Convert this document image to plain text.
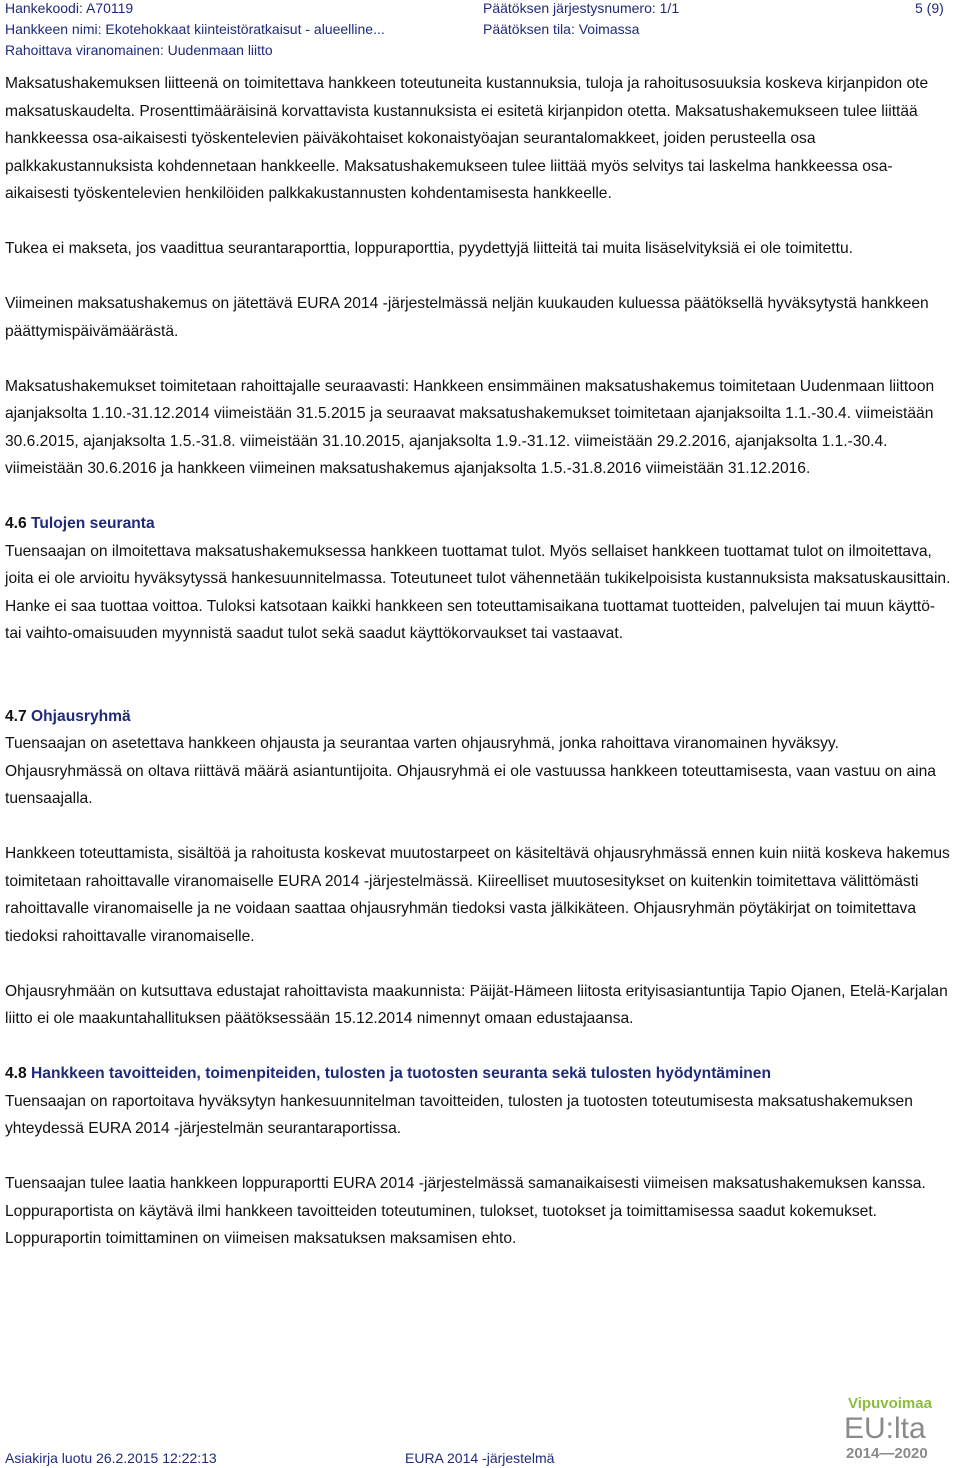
Hankekoodi: A70119
Hankkeen nimi: Ekotehokkaat kiinteistöratkaisut - alueelline...
Rahoittava viranomainen: Uudenmaan liitto
Päätöksen järjestysnumero: 1/1
Päätöksen tila: Voimassa
5 (9)

Maksatushakemuksen liitteenä on toimitettava hankkeen toteutuneita kustannuksia, tuloja ja rahoitusosuuksia koskeva kirjanpidon ote maksatuskaudelta. Prosenttimääräisinä korvattavista kustannuksista ei esitetä kirjanpidon otetta. Maksatushakemukseen tulee liittää hankkeessa osa-aikaisesti työskentelevien päiväkohtaiset kokonaistyöajan seurantalomakkeet, joiden perusteella osa palkkakustannuksista kohdennetaan hankkeelle. Maksatushakemukseen tulee liittää myös selvitys tai laskelma hankkeessa osa-aikaisesti työskentelevien henkilöiden palkkakustannusten kohdentamisesta hankkeelle.

Tukea ei makseta, jos vaadittua seurantaraporttia, loppuraporttia, pyydettyjä liitteitä tai muita lisäselvityksiä ei ole toimitettu.

Viimeinen maksatushakemus on jätettävä EURA 2014 -järjestelmässä neljän kuukauden kuluessa päätöksellä hyväksytystä hankkeen päättymispäivämäärästä.

Maksatushakemukset toimitetaan rahoittajalle seuraavasti: Hankkeen ensimmäinen maksatushakemus toimitetaan Uudenmaan liittoon ajanjaksolta 1.10.-31.12.2014 viimeistään 31.5.2015 ja seuraavat maksatushakemukset toimitetaan ajanjaksoilta 1.1.-30.4. viimeistään 30.6.2015, ajanjaksolta 1.5.-31.8. viimeistään 31.10.2015, ajanjaksolta 1.9.-31.12. viimeistään 29.2.2016, ajanjaksolta 1.1.-30.4. viimeistään 30.6.2016 ja hankkeen viimeinen maksatushakemus ajanjaksolta 1.5.-31.8.2016 viimeistään 31.12.2016.

4.6 Tulojen seuranta

Tuensaajan on ilmoitettava maksatushakemuksessa hankkeen tuottamat tulot. Myös sellaiset hankkeen tuottamat tulot on ilmoitettava, joita ei ole arvioitu hyväksytyssä hankesuunnitelmassa. Toteutuneet tulot vähennetään tukikelpoisista kustannuksista maksatuskausittain. Hanke ei saa tuottaa voittoa. Tuloksi katsotaan kaikki hankkeen sen toteuttamisaikana tuottamat tuotteiden, palvelujen tai muun käyttö- tai vaihto-omaisuuden myynnistä saadut tulot sekä saadut käyttökorvaukset tai vastaavat.

4.7 Ohjausryhmä

Tuensaajan on asetettava hankkeen ohjausta ja seurantaa varten ohjausryhmä, jonka rahoittava viranomainen hyväksyy. Ohjausryhmässä on oltava riittävä määrä asiantuntijoita. Ohjausryhmä ei ole vastuussa hankkeen toteuttamisesta, vaan vastuu on aina tuensaajalla.

Hankkeen toteuttamista, sisältöä ja rahoitusta koskevat muutostarpeet on käsiteltävä ohjausryhmässä ennen kuin niitä koskeva hakemus toimitetaan rahoittavalle viranomaiselle EURA 2014 -järjestelmässä. Kiireelliset muutosesitykset on kuitenkin toimitettava välittömästi rahoittavalle viranomaiselle ja ne voidaan saattaa ohjausryhmän tiedoksi vasta jälkikäteen. Ohjausryhmän pöytäkirjat on toimitettava tiedoksi rahoittavalle viranomaiselle.

Ohjausryhmään on kutsuttava edustajat rahoittavista maakunnista: Päijät-Hämeen liitosta erityisasiantuntija Tapio Ojanen, Etelä-Karjalan liitto ei ole maakuntahallituksen päätöksessään 15.12.2014 nimennyt omaan edustajaansa.

4.8 Hankkeen tavoitteiden, toimenpiteiden, tulosten ja tuotosten seuranta sekä tulosten hyödyntäminen

Tuensaajan on raportoitava hyväksytyn hankesuunnitelman tavoitteiden, tulosten ja tuotosten toteutumisesta maksatushakemuksen yhteydessä EURA 2014 -järjestelmän seurantaraportissa.

Tuensaajan tulee laatia hankkeen loppuraportti EURA 2014 -järjestelmässä samanaikaisesti viimeisen maksatushakemuksen kanssa. Loppuraportista on käytävä ilmi hankkeen tavoitteiden toteutuminen, tulokset, tuotokset ja toimittamisessa saadut kokemukset. Loppuraportin toimittaminen on viimeisen maksatuksen maksamisen ehto.

Asiakirja luotu 26.2.2015 12:22:13	EURA 2014 -järjestelmä
Vipuvoimaa
EU:lta
2014—2020
